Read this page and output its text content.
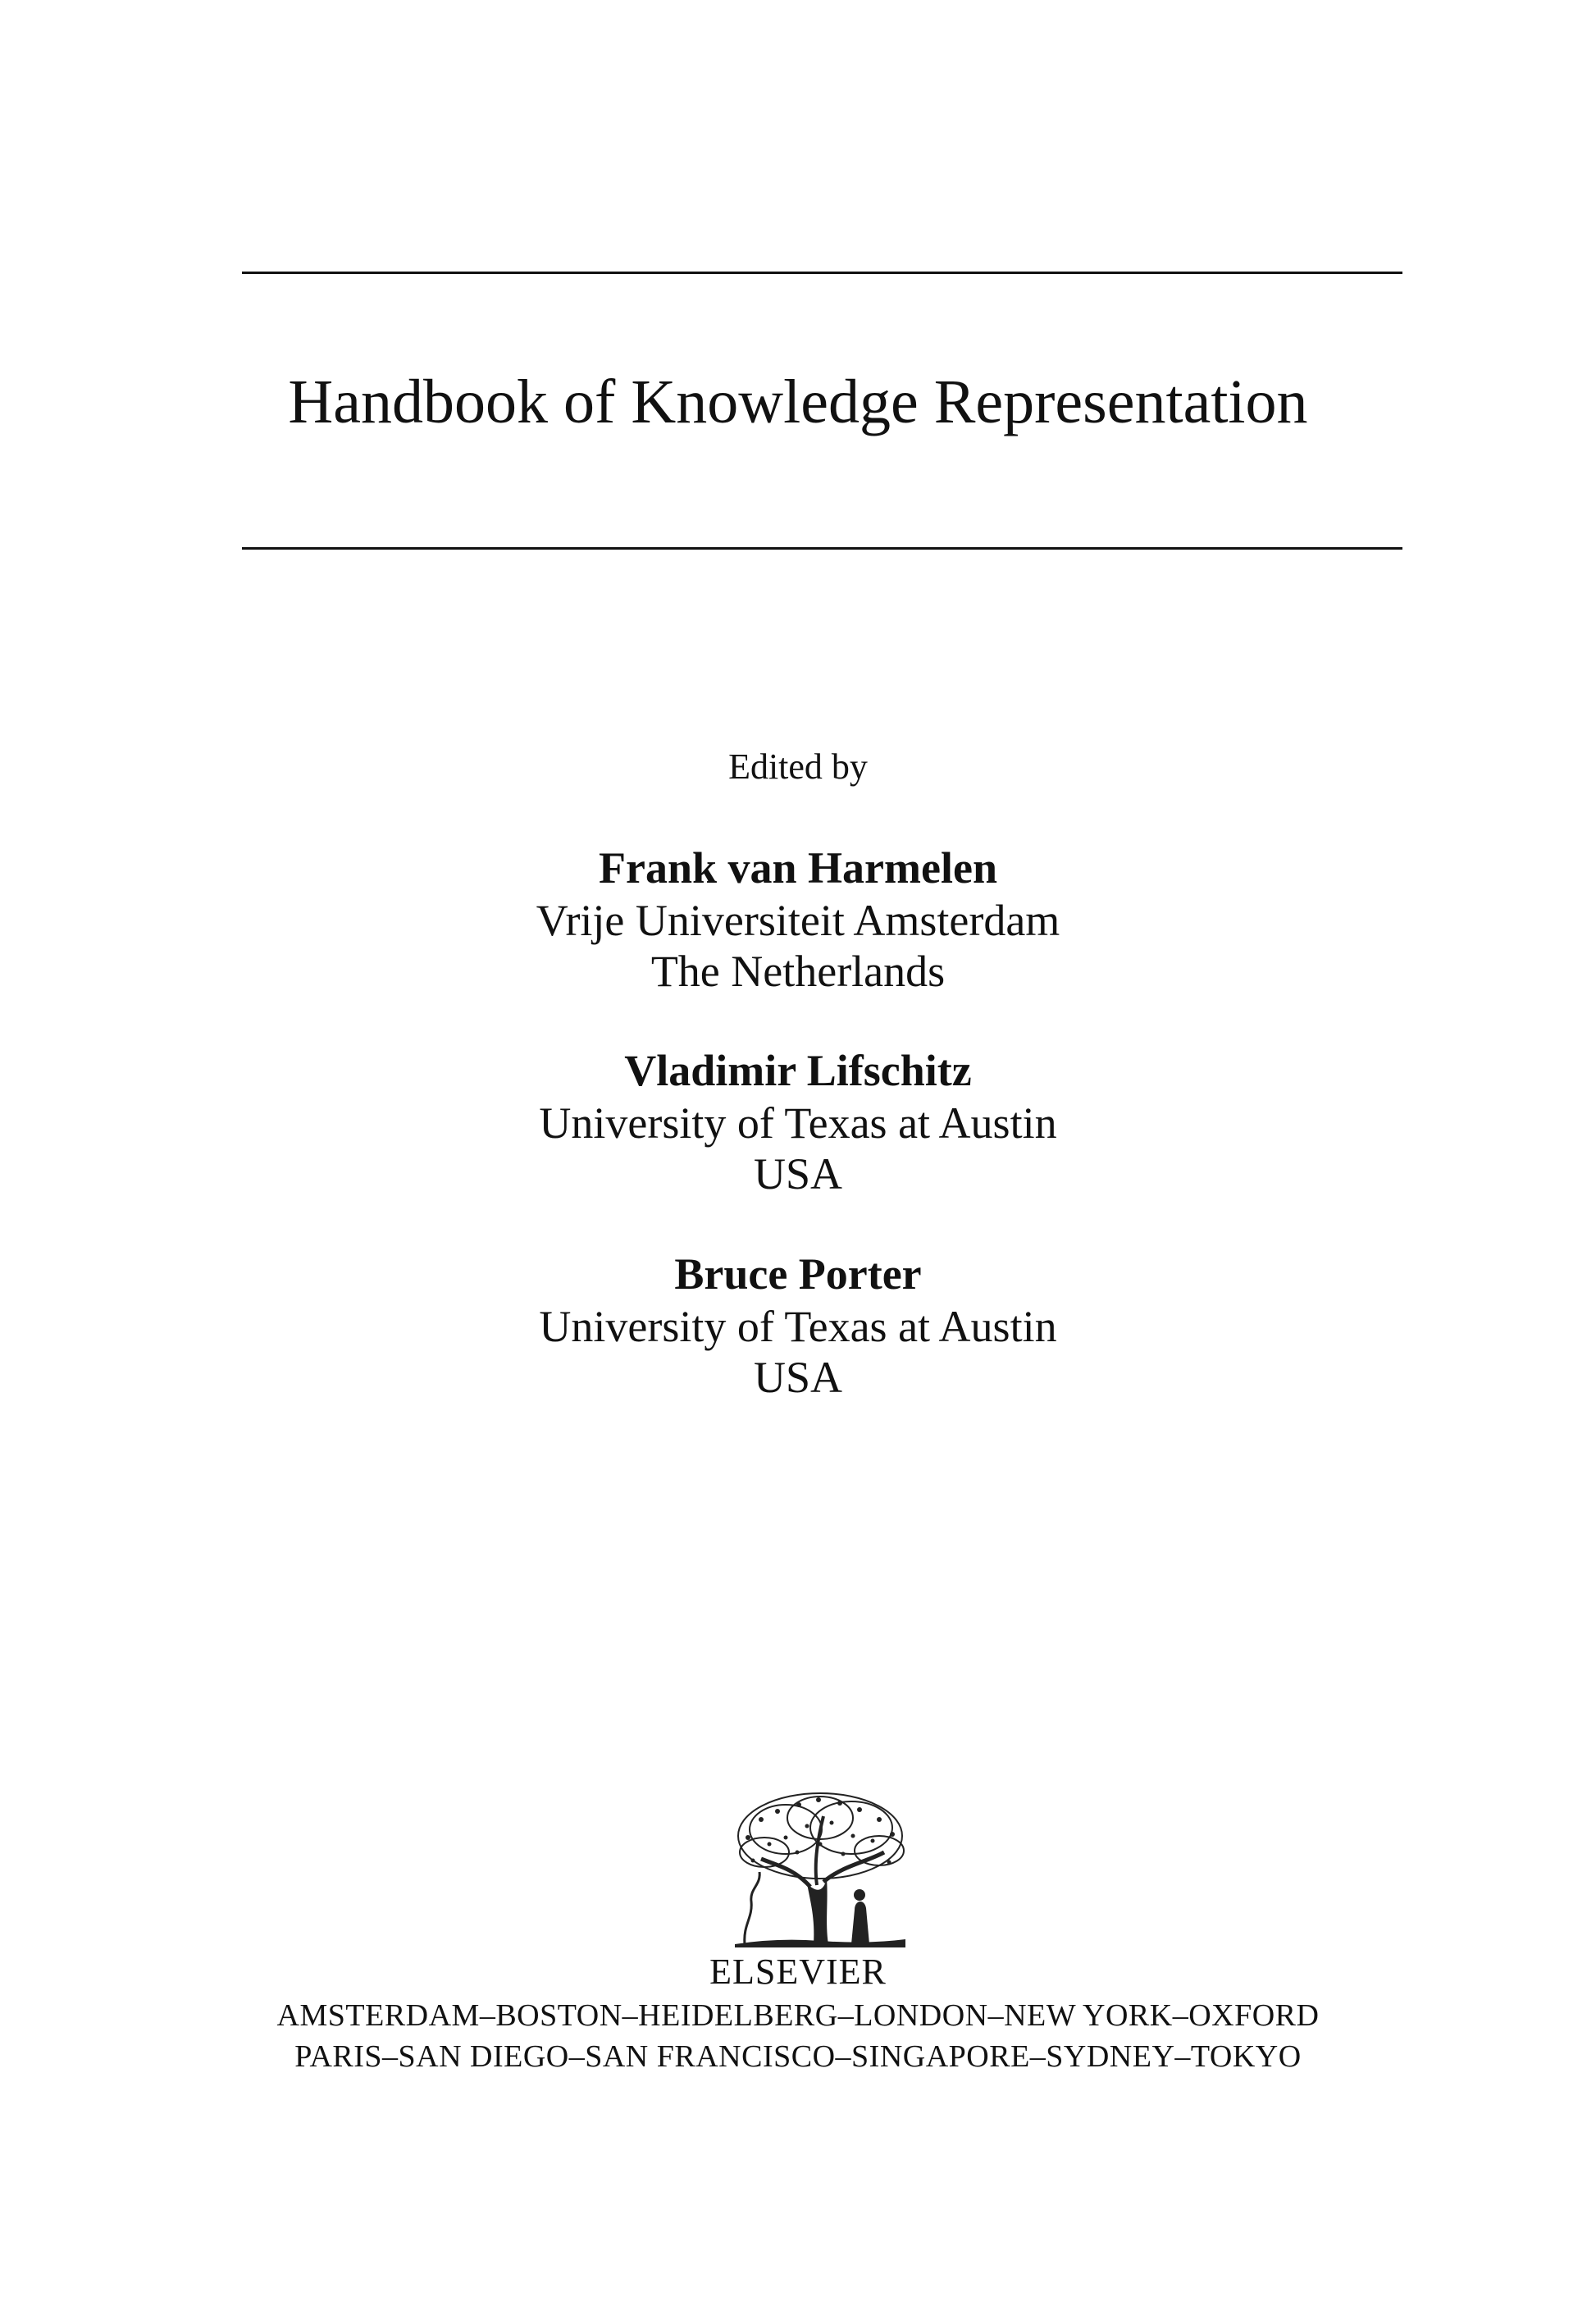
Handbook of Knowledge Representation
Edited by
Frank van Harmelen
Vrije Universiteit Amsterdam
The Netherlands
Vladimir Lifschitz
University of Texas at Austin
USA
Bruce Porter
University of Texas at Austin
USA
ELSEVIER
AMSTERDAM–BOSTON–HEIDELBERG–LONDON–NEW YORK–OXFORD
PARIS–SAN DIEGO–SAN FRANCISCO–SINGAPORE–SYDNEY–TOKYO
